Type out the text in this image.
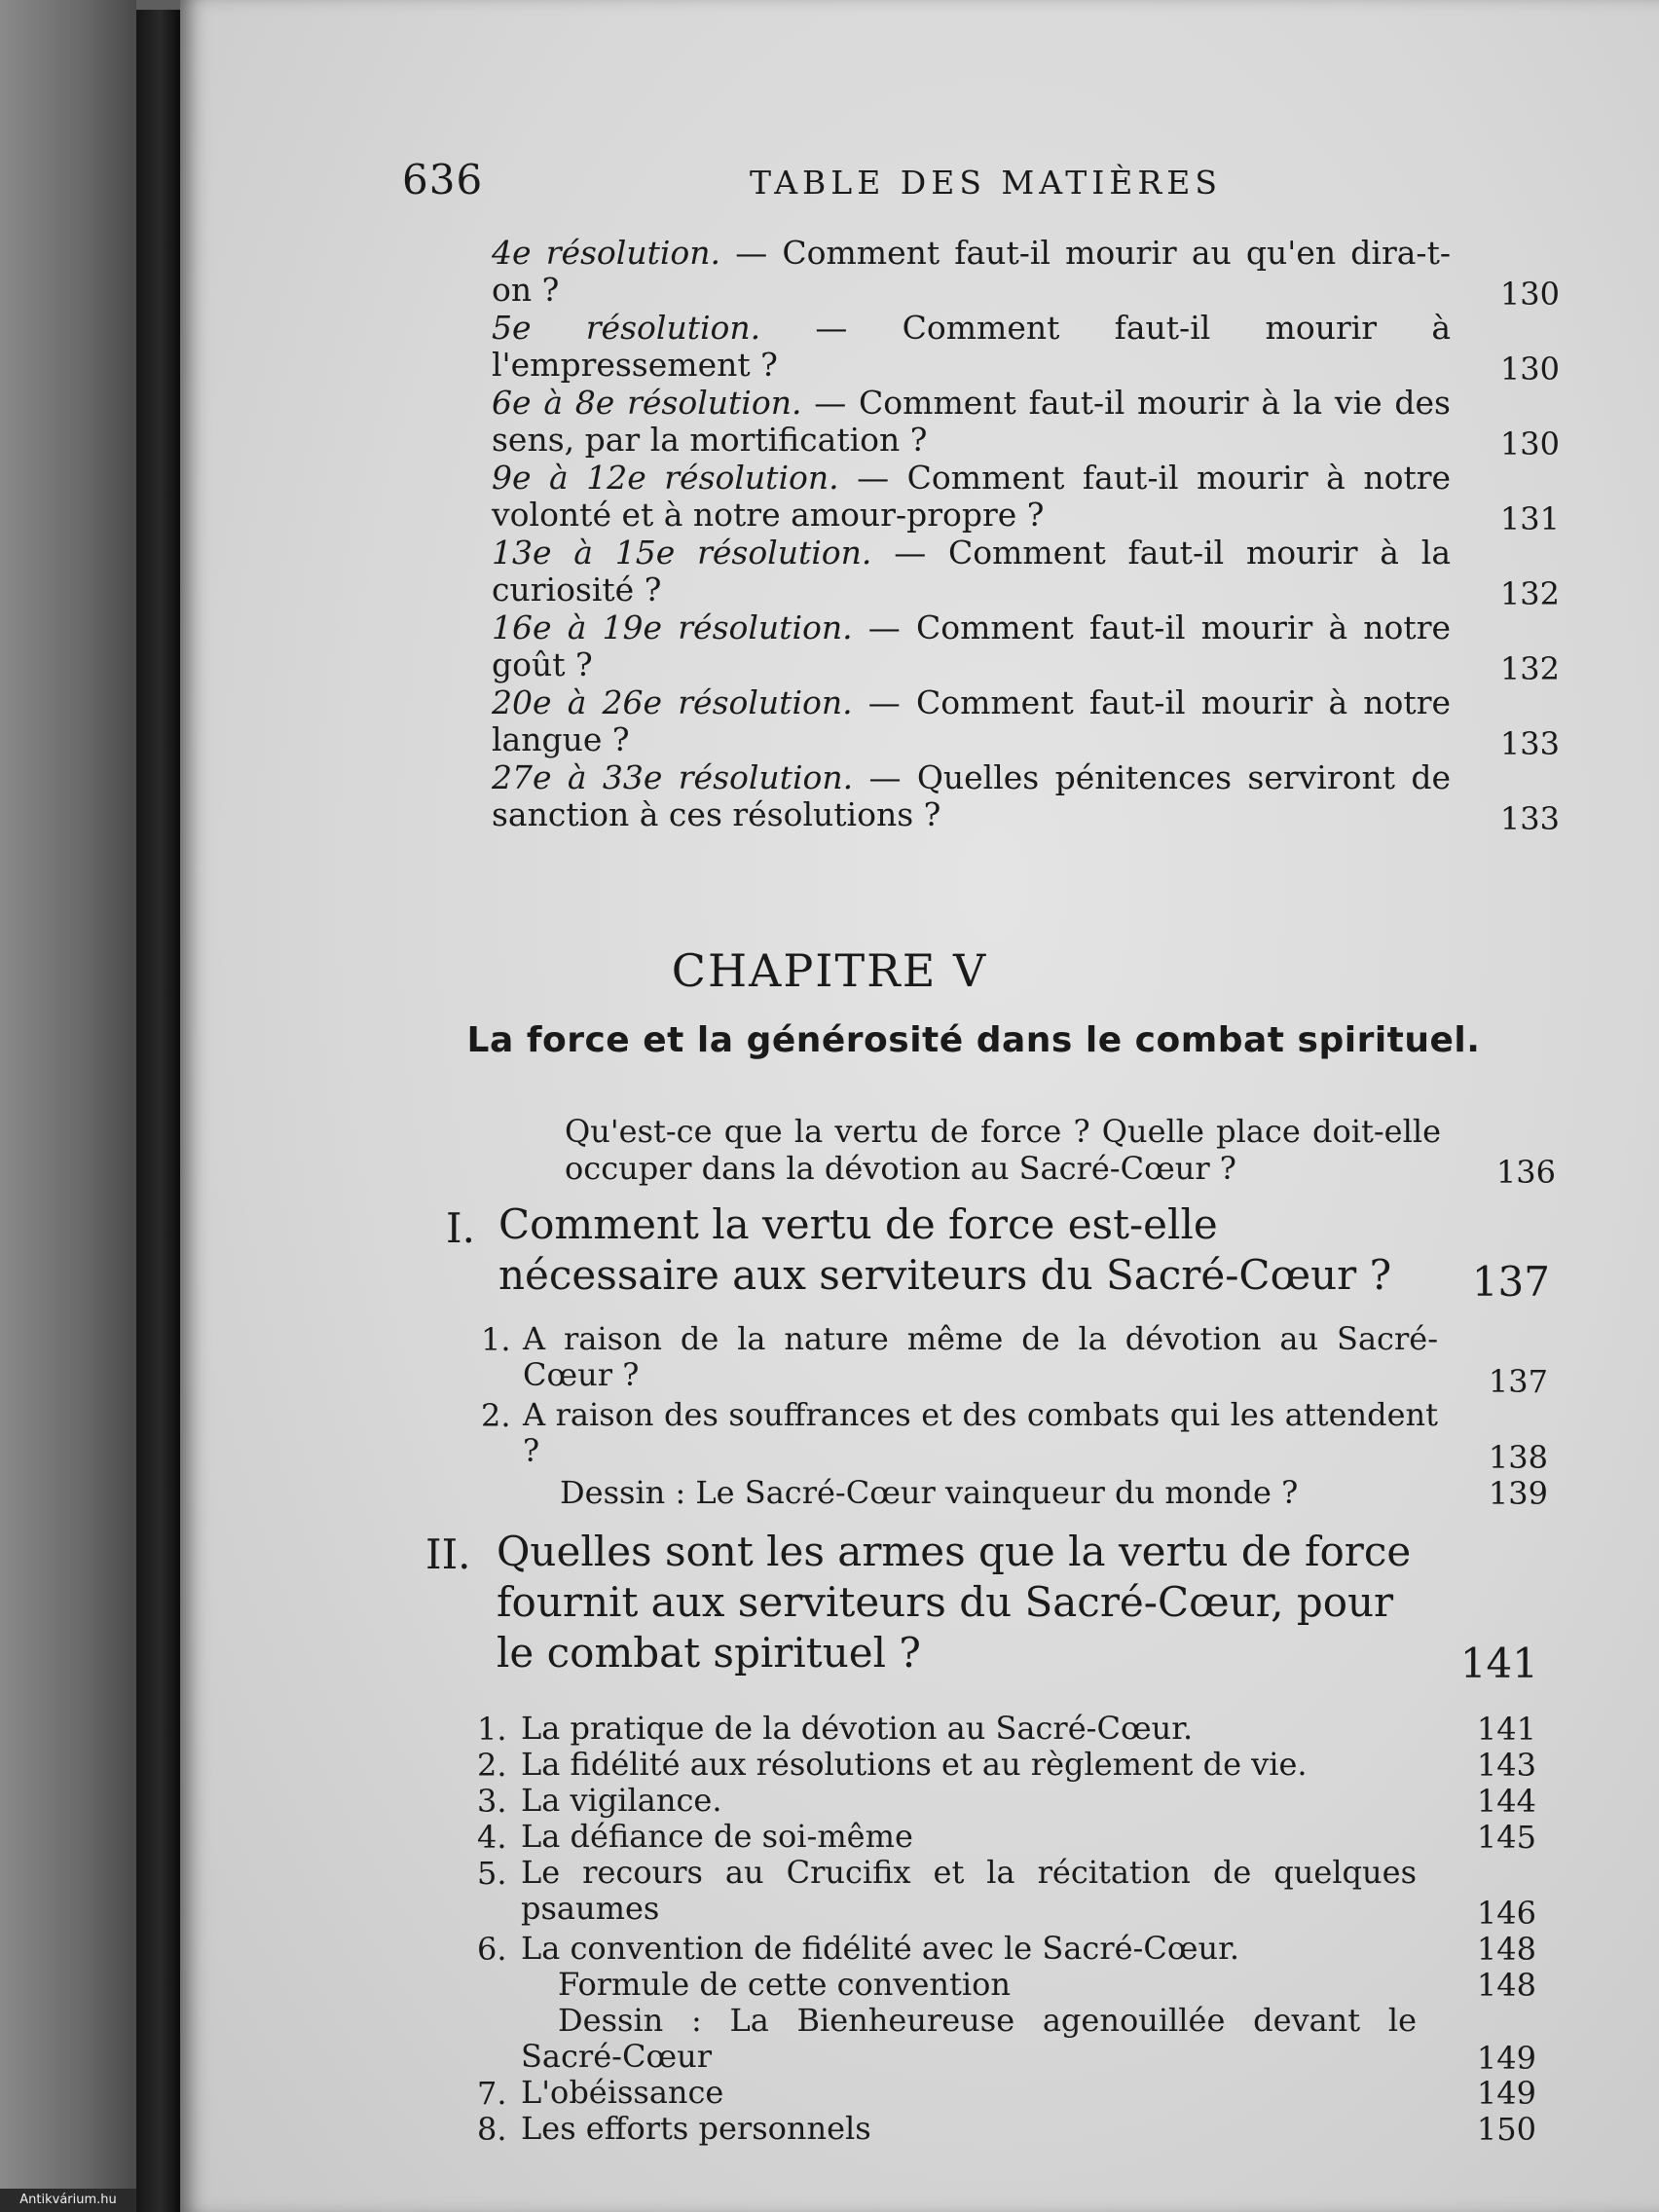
636	TABLE DES MATIÈRES

4e résolution. — Comment faut-il mourir au qu'en dira-t-on ?	130

5e résolution. — Comment faut-il mourir à l'empressement ?	130

6e à 8e résolution. — Comment faut-il mourir à la vie des sens, par la mortification ?	130

9e à 12e résolution. — Comment faut-il mourir à notre volonté et à notre amour-propre ?	131

13e à 15e résolution. — Comment faut-il mourir à la curiosité ?	132

16e à 19e résolution. — Comment faut-il mourir à notre goût ?	132

20e à 26e résolution. — Comment faut-il mourir à notre langue ?	133

27e à 33e résolution. — Quelles pénitences serviront de sanction à ces résolutions ?	133
CHAPITRE V
La force et la générosité dans le combat spirituel.

Qu'est-ce que la vertu de force ? Quelle place doit-elle occuper dans la dévotion au Sacré-Cœur ?	136
I. Comment la vertu de force est-elle nécessaire aux serviteurs du Sacré-Cœur ?	137
1. A raison de la nature même de la dévotion au Sacré-Cœur ?	137
2. A raison des souffrances et des combats qui les attendent ?	138

Dessin : Le Sacré-Cœur vainqueur du monde ?	139
II. Quelles sont les armes que la vertu de force fournit aux serviteurs du Sacré-Cœur, pour le combat spirituel ?	141
1. La pratique de la dévotion au Sacré-Cœur.	141
2. La fidélité aux résolutions et au règlement de vie.	143
3. La vigilance.	144
4. La défiance de soi-même	145
5. Le recours au Crucifix et la récitation de quelques psaumes	146
6. La convention de fidélité avec le Sacré-Cœur.	148

Formule de cette convention	148

Dessin : La Bienheureuse agenouillée devant le Sacré-Cœur	149
7. L'obéissance	149
8. Les efforts personnels	150
Antikvárium.hu
